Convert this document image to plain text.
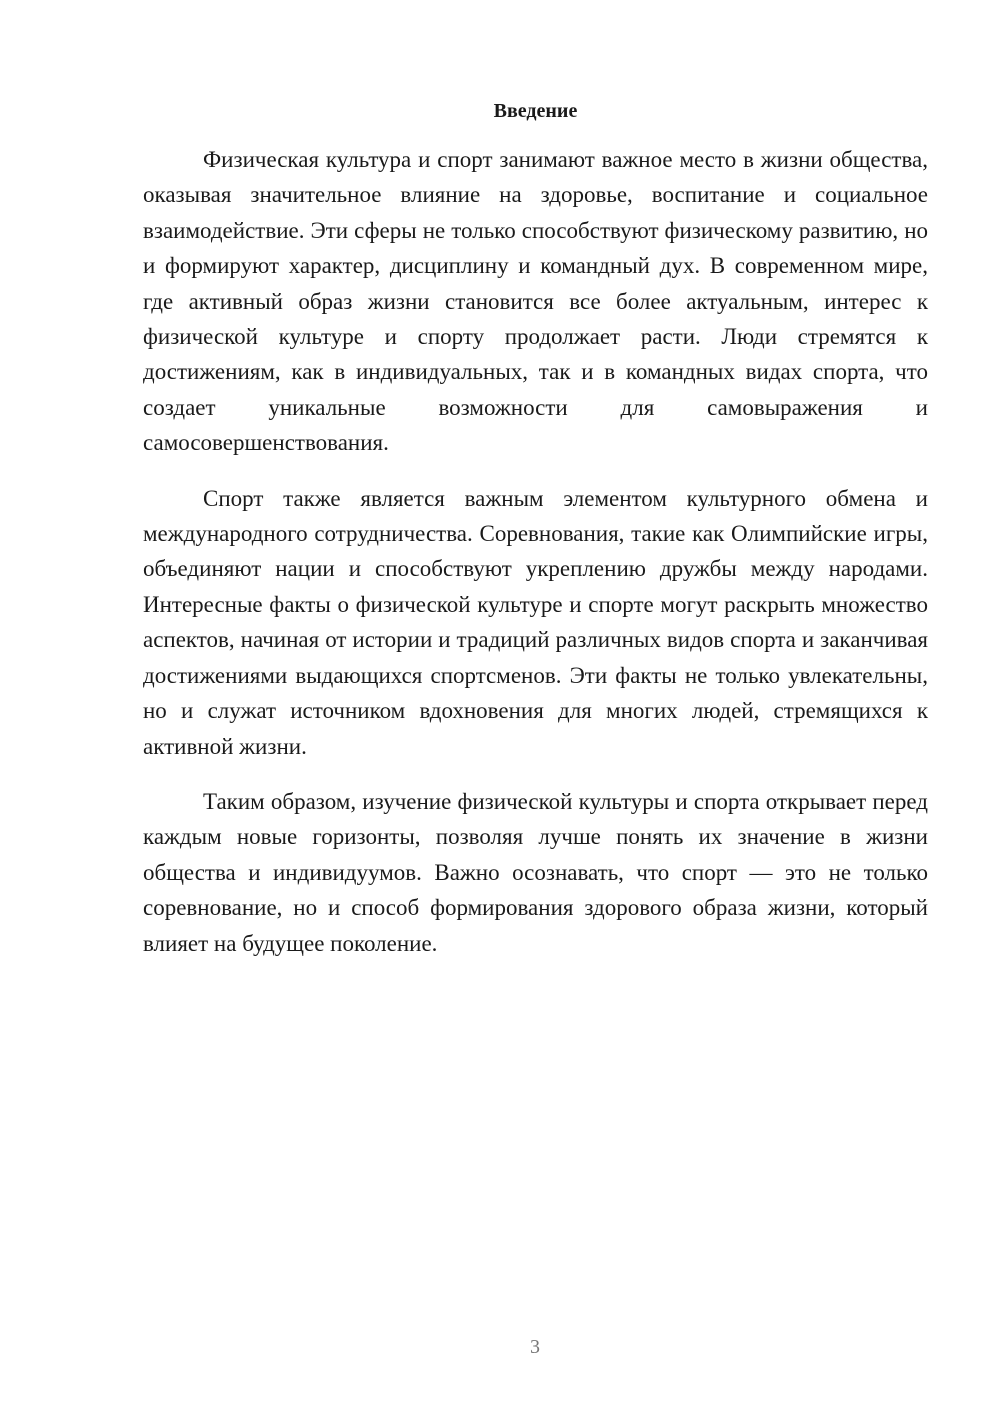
Введение

Физическая культура и спорт занимают важное место в жизни общества, оказывая значительное влияние на здоровье, воспитание и социальное взаимодействие. Эти сферы не только способствуют физическому развитию, но и формируют характер, дисциплину и командный дух. В современном мире, где активный образ жизни становится все более актуальным, интерес к физической культуре и спорту продолжает расти. Люди стремятся к достижениям, как в индивидуальных, так и в командных видах спорта, что создает уникальные возможности для самовыражения и самосовершенствования.

Спорт также является важным элементом культурного обмена и международного сотрудничества. Соревнования, такие как Олимпийские игры, объединяют нации и способствуют укреплению дружбы между народами. Интересные факты о физической культуре и спорте могут раскрыть множество аспектов, начиная от истории и традиций различных видов спорта и заканчивая достижениями выдающихся спортсменов. Эти факты не только увлекательны, но и служат источником вдохновения для многих людей, стремящихся к активной жизни.

Таким образом, изучение физической культуры и спорта открывает перед каждым новые горизонты, позволяя лучше понять их значение в жизни общества и индивидуумов. Важно осознавать, что спорт — это не только соревнование, но и способ формирования здорового образа жизни, который влияет на будущее поколение.

3
